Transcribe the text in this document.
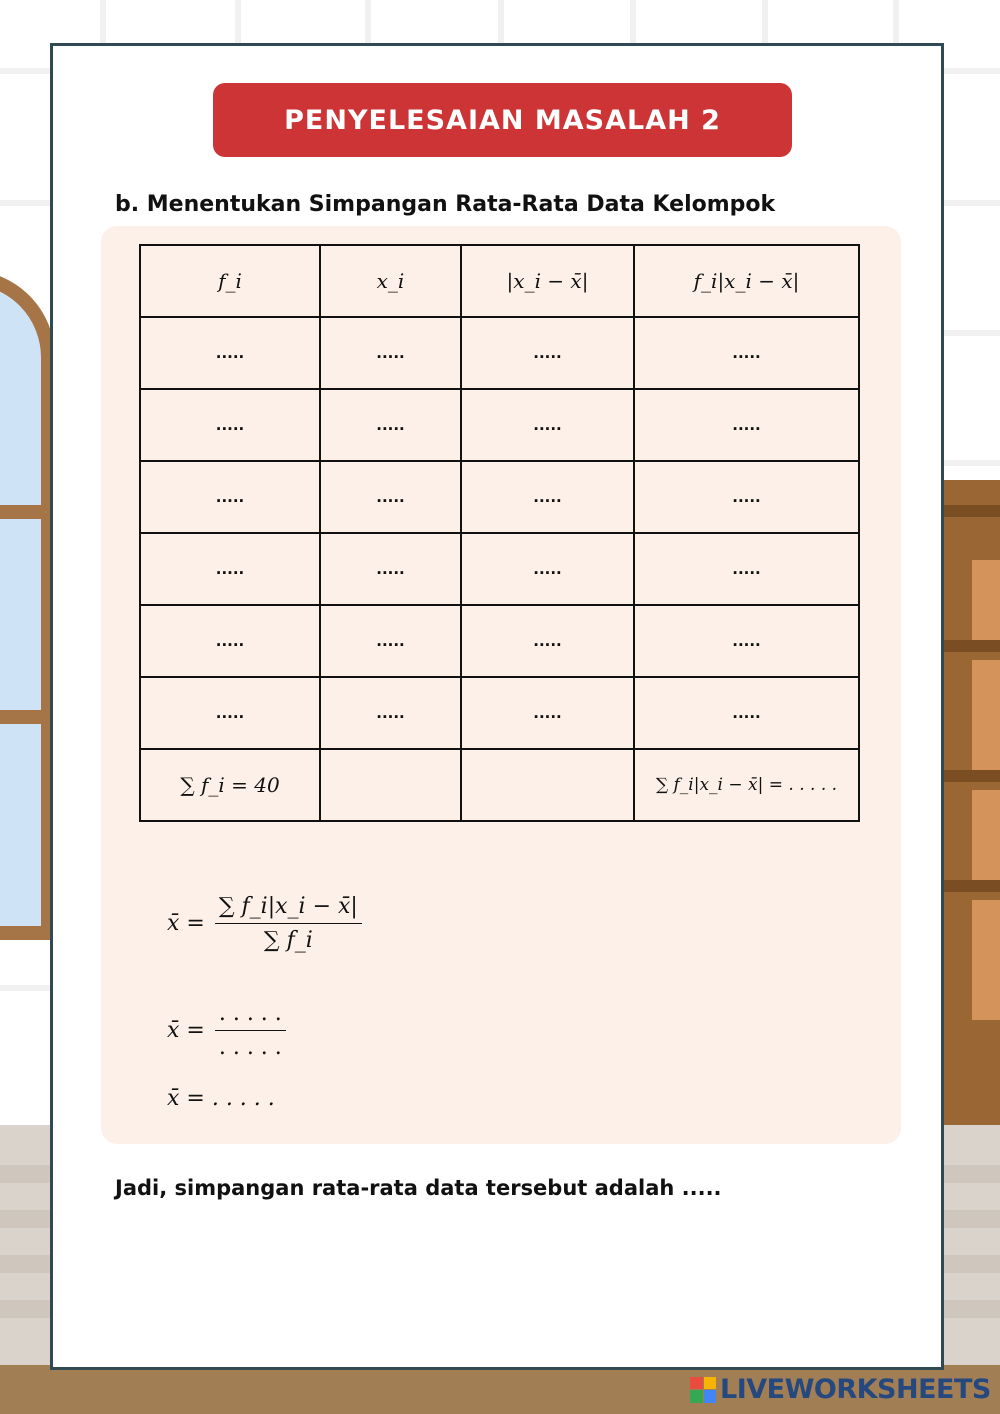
PENYELESAIAN MASALAH 2
b. Menentukan Simpangan Rata-Rata Data Kelompok
f_i	x_i	|x_i − x̄|	f_i|x_i − x̄|
.....	.....	.....	.....
.....	.....	.....	.....
.....	.....	.....	.....
.....	.....	.....	.....
.....	.....	.....	.....
.....	.....	.....	.....
∑ f_i = 40			∑ f_i|x_i − x̄| = . . . . .
x̄ = $\frac{\sum f\_i|x\_i - x̄|}{\sum f\_i}$
x̄ = $\frac{. . . . .}{. . . . .}$
x̄ = . . . . .
Jadi, simpangan rata-rata data tersebut adalah .....
LIVEWORKSHEETS
